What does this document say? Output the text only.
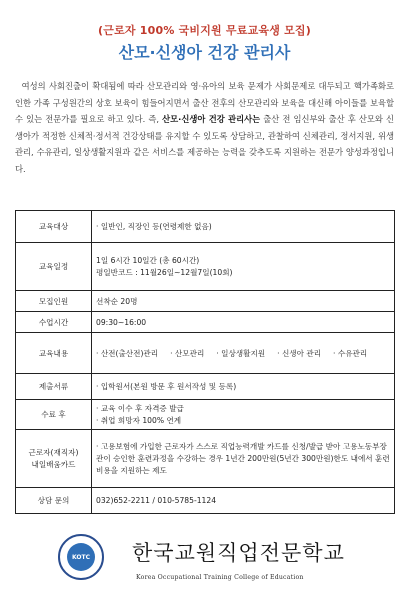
(근로자 100% 국비지원 무료교육생 모집)
산모·신생아 건강 관리사
여성의 사회진출이 확대됨에 따라 산모관리와 영·유아의 보육 문제가 사회문제로 대두되고 핵가족화로 인한 가족 구성원간의 상호 보육이 힘들어지면서 출산 전후의 산모관리와 보육을 대신해 아이들를 보육할 수 있는 전문가를 필요로 하고 있다. 즉, 산모·신생아 건강 관리사는 출산 전 임신부와 출산 후 산모와 신생아가 적정한 신체적·정서적 건강상태를 유지할 수 있도록 상담하고, 관찰하여 신체관리, 정서지원, 위생관리, 수유관리, 일상생활지원과 같은 서비스를 제공하는 능력을 갖추도록 지원하는 전문가 양성과정입니다.
교육대상	· 일반인, 직장인 등(연령제한 없음)
교육일정	1일 6시간 10일간 (총 60시간)
평일반코드 : 11월26일~12월7일(10회)

모집인원	선착순 20명
수업시간	09:30~16:00
교육내용	· 산전(출산전)관리 · 산모관리 · 일상생활지원 · 신생아 관리 · 수유관리

제출서류	· 입학원서(본원 방문 후 원서작성 및 등록)
수료 후	· 교육 이수 후 자격증 발급
· 취업 희망자 100% 연계

근로자(재직자)
내일배움카드	· 고용보험에 가입한 근로자가 스스로 직업능력개발 카드를 신청/발급 받아 고용노동부장관이 승인한 훈련과정을 수강하는 경우 1년간 200만원(5년간 300만원)한도 내에서 훈련비용을 지원하는 제도
상담 문의	032)652-2211 / 010-5785-1124
KOTC 한국교원직업전문학교
Korea Occupational Training College of Education
